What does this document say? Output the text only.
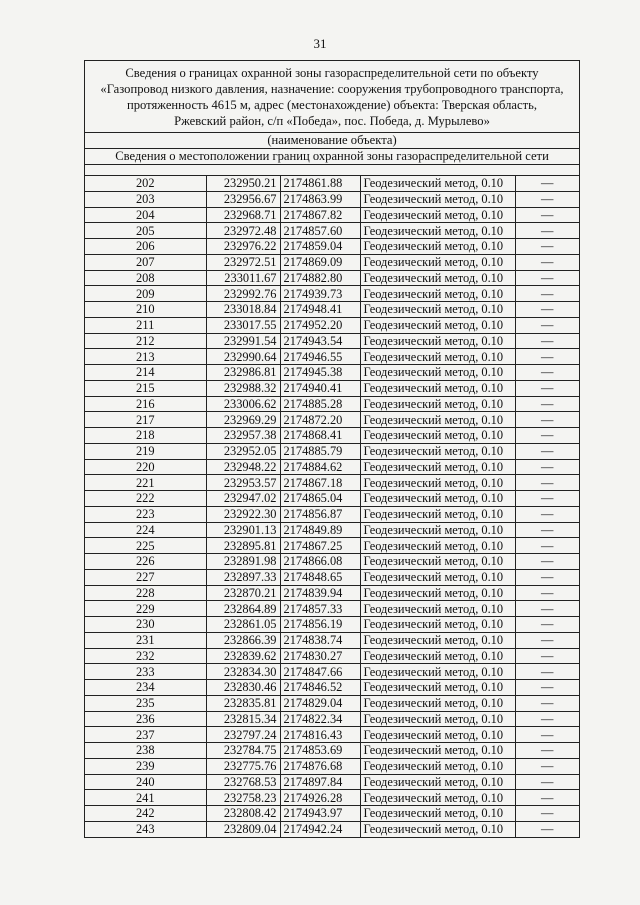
31
Сведения о границах охранной зоны газораспределительной сети по объекту
«Газопровод низкого давления, назначение: сооружения трубопроводного транспорта,
протяженность 4615 м, адрес (местонахождение) объекта: Тверская область,
Ржевский район, с/п «Победа», пос. Победа, д. Мурылево»
(наименование объекта)
Сведения о местоположении границ охранной зоны газораспределительной сети
202	232950.21	2174861.88	Геодезический метод, 0.10	—
203	232956.67	2174863.99	Геодезический метод, 0.10	—
204	232968.71	2174867.82	Геодезический метод, 0.10	—
205	232972.48	2174857.60	Геодезический метод, 0.10	—
206	232976.22	2174859.04	Геодезический метод, 0.10	—
207	232972.51	2174869.09	Геодезический метод, 0.10	—
208	233011.67	2174882.80	Геодезический метод, 0.10	—
209	232992.76	2174939.73	Геодезический метод, 0.10	—
210	233018.84	2174948.41	Геодезический метод, 0.10	—
211	233017.55	2174952.20	Геодезический метод, 0.10	—
212	232991.54	2174943.54	Геодезический метод, 0.10	—
213	232990.64	2174946.55	Геодезический метод, 0.10	—
214	232986.81	2174945.38	Геодезический метод, 0.10	—
215	232988.32	2174940.41	Геодезический метод, 0.10	—
216	233006.62	2174885.28	Геодезический метод, 0.10	—
217	232969.29	2174872.20	Геодезический метод, 0.10	—
218	232957.38	2174868.41	Геодезический метод, 0.10	—
219	232952.05	2174885.79	Геодезический метод, 0.10	—
220	232948.22	2174884.62	Геодезический метод, 0.10	—
221	232953.57	2174867.18	Геодезический метод, 0.10	—
222	232947.02	2174865.04	Геодезический метод, 0.10	—
223	232922.30	2174856.87	Геодезический метод, 0.10	—
224	232901.13	2174849.89	Геодезический метод, 0.10	—
225	232895.81	2174867.25	Геодезический метод, 0.10	—
226	232891.98	2174866.08	Геодезический метод, 0.10	—
227	232897.33	2174848.65	Геодезический метод, 0.10	—
228	232870.21	2174839.94	Геодезический метод, 0.10	—
229	232864.89	2174857.33	Геодезический метод, 0.10	—
230	232861.05	2174856.19	Геодезический метод, 0.10	—
231	232866.39	2174838.74	Геодезический метод, 0.10	—
232	232839.62	2174830.27	Геодезический метод, 0.10	—
233	232834.30	2174847.66	Геодезический метод, 0.10	—
234	232830.46	2174846.52	Геодезический метод, 0.10	—
235	232835.81	2174829.04	Геодезический метод, 0.10	—
236	232815.34	2174822.34	Геодезический метод, 0.10	—
237	232797.24	2174816.43	Геодезический метод, 0.10	—
238	232784.75	2174853.69	Геодезический метод, 0.10	—
239	232775.76	2174876.68	Геодезический метод, 0.10	—
240	232768.53	2174897.84	Геодезический метод, 0.10	—
241	232758.23	2174926.28	Геодезический метод, 0.10	—
242	232808.42	2174943.97	Геодезический метод, 0.10	—
243	232809.04	2174942.24	Геодезический метод, 0.10	—
